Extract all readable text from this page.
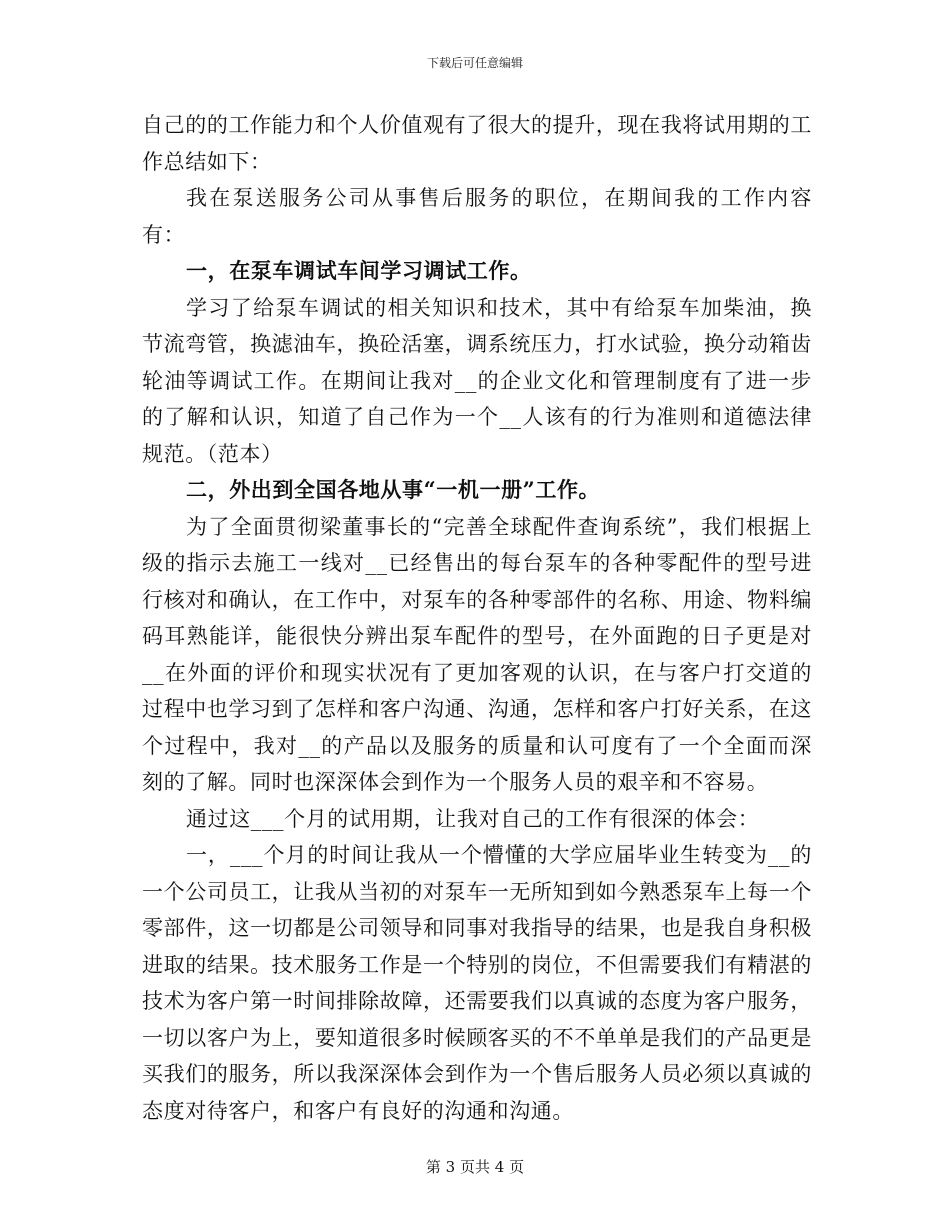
下载后可任意编辑

自己的的工作能力和个人价值观有了很大的提升，现在我将试用期的工作总结如下：

我在泵送服务公司从事售后服务的职位，在期间我的工作内容有：

一，在泵车调试车间学习调试工作。

学习了给泵车调试的相关知识和技术，其中有给泵车加柴油，换节流弯管，换滤油车，换砼活塞，调系统压力，打水试验，换分动箱齿轮油等调试工作。在期间让我对__的企业文化和管理制度有了进一步的了解和认识，知道了自己作为一个__人该有的行为准则和道德法律规范。（范本）

二，外出到全国各地从事“一机一册”工作。

为了全面贯彻梁董事长的“完善全球配件查询系统”，我们根据上级的指示去施工一线对__已经售出的每台泵车的各种零配件的型号进行核对和确认，在工作中，对泵车的各种零部件的名称、用途、物料编码耳熟能详，能很快分辨出泵车配件的型号，在外面跑的日子更是对__在外面的评价和现实状况有了更加客观的认识，在与客户打交道的过程中也学习到了怎样和客户沟通、沟通，怎样和客户打好关系，在这个过程中，我对__的产品以及服务的质量和认可度有了一个全面而深刻的了解。同时也深深体会到作为一个服务人员的艰辛和不容易。

通过这___个月的试用期，让我对自己的工作有很深的体会：

一，___个月的时间让我从一个懵懂的大学应届毕业生转变为__的一个公司员工，让我从当初的对泵车一无所知到如今熟悉泵车上每一个零部件，这一切都是公司领导和同事对我指导的结果，也是我自身积极进取的结果。技术服务工作是一个特别的岗位，不但需要我们有精湛的技术为客户第一时间排除故障，还需要我们以真诚的态度为客户服务，一切以客户为上，要知道很多时候顾客买的不不单单是我们的产品更是买我们的服务，所以我深深体会到作为一个售后服务人员必须以真诚的态度对待客户，和客户有良好的沟通和沟通。

第 3 页共 4 页
